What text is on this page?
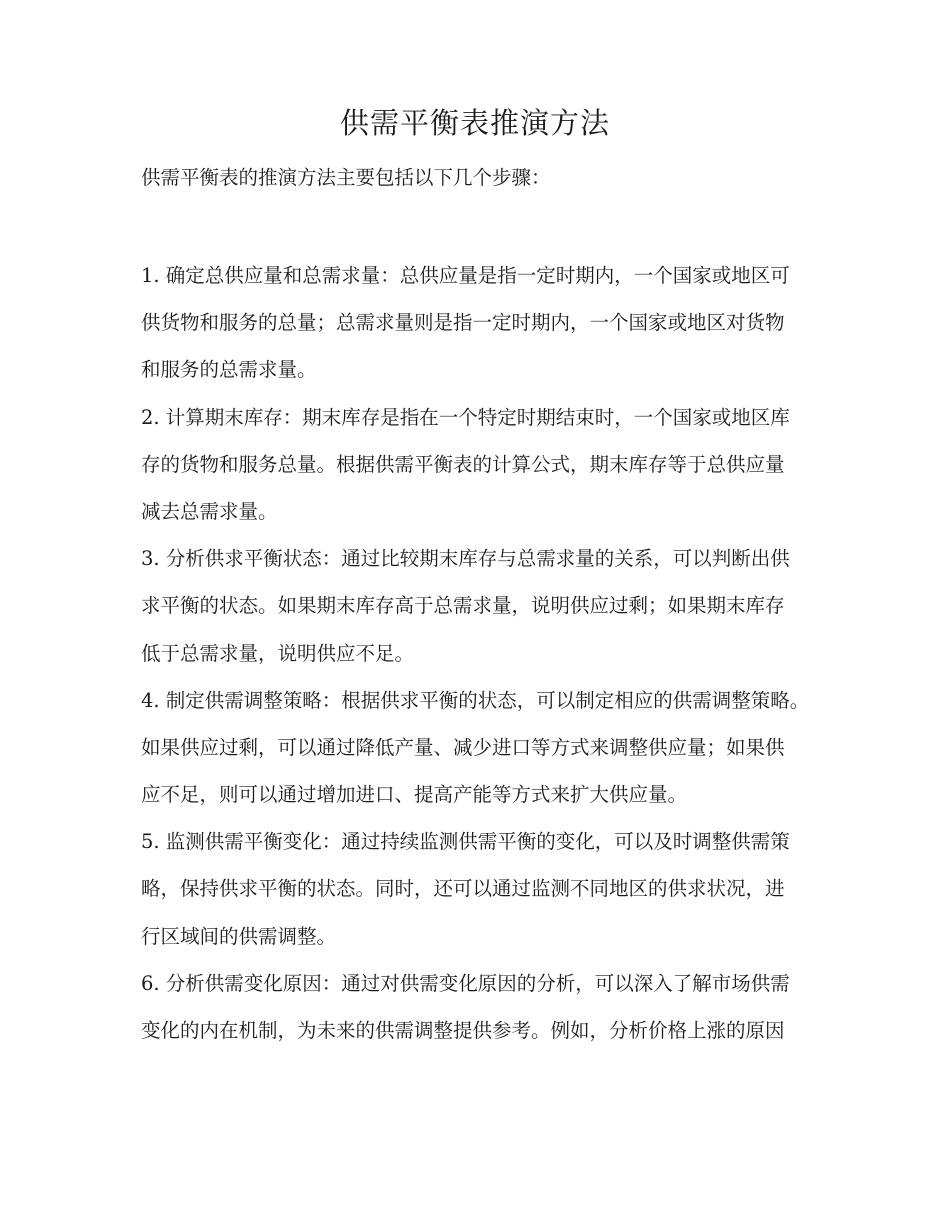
供需平衡表推演方法

供需平衡表的推演方法主要包括以下几个步骤：

1. 确定总供应量和总需求量：总供应量是指一定时期内，一个国家或地区可
供货物和服务的总量；总需求量则是指一定时期内，一个国家或地区对货物
和服务的总需求量。
2. 计算期末库存：期末库存是指在一个特定时期结束时，一个国家或地区库
存的货物和服务总量。根据供需平衡表的计算公式，期末库存等于总供应量
减去总需求量。
3. 分析供求平衡状态：通过比较期末库存与总需求量的关系，可以判断出供
求平衡的状态。如果期末库存高于总需求量，说明供应过剩；如果期末库存
低于总需求量，说明供应不足。
4. 制定供需调整策略：根据供求平衡的状态，可以制定相应的供需调整策略。
如果供应过剩，可以通过降低产量、减少进口等方式来调整供应量；如果供
应不足，则可以通过增加进口、提高产能等方式来扩大供应量。
5. 监测供需平衡变化：通过持续监测供需平衡的变化，可以及时调整供需策
略，保持供求平衡的状态。同时，还可以通过监测不同地区的供求状况，进
行区域间的供需调整。
6. 分析供需变化原因：通过对供需变化原因的分析，可以深入了解市场供需
变化的内在机制，为未来的供需调整提供参考。例如，分析价格上涨的原因
